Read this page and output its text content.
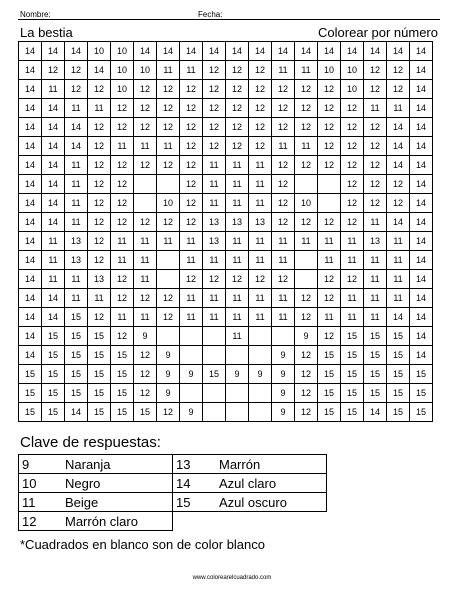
Nombre:	Fecha:
La bestia	Colorear por número
14	14	14	10	10	14	14	14	14	14	14	14	14	14	14	14	14	14
14	12	12	14	10	10	11	11	12	12	12	11	11	10	10	12	12	14
14	11	12	12	10	12	12	12	12	12	12	12	12	12	10	12	12	14
14	14	11	11	12	12	12	12	12	12	12	12	12	12	12	11	11	14
14	14	14	12	12	12	12	12	12	12	12	12	12	12	12	12	14	14
14	14	14	12	11	11	11	12	12	12	12	11	11	12	12	12	14	14
14	14	11	12	12	12	12	12	11	11	11	12	12	12	12	12	14	14
14	14	11	12	12			12	11	11	11	12			12	12	12	14
14	14	11	12	12		10	12	11	11	11	12	10		12	12	12	14
14	14	11	12	12	12	12	12	13	13	13	12	12	12	12	11	14	14
14	11	13	12	11	11	11	11	13	11	11	11	11	11	11	13	11	14
14	11	13	12	11	11		11	11	11	11	11		11	11	11	11	14
14	11	11	13	12	11		12	12	12	12	12		12	12	11	11	14
14	14	11	11	12	12	12	11	11	11	11	11	12	12	11	11	11	14
14	14	15	12	11	11	12	11	11	11	11	11	12	11	11	11	14	14
14	15	15	15	12	9				11			9	12	15	15	15	14
14	15	15	15	15	12	9					9	12	15	15	15	15	14
15	15	15	15	15	12	9	9	15	9	9	9	12	15	15	15	15	15
15	15	15	15	15	12	9					9	12	15	15	15	15	15
15	15	14	15	15	15	12	9				9	12	15	15	14	15	15
Clave de respuestas:
9	Naranja	13	Marrón
10	Negro	14	Azul claro
11	Beige	15	Azul oscuro
12	Marrón claro		
*Cuadrados en blanco son de color blanco
www.colorearelcuadrado.com
